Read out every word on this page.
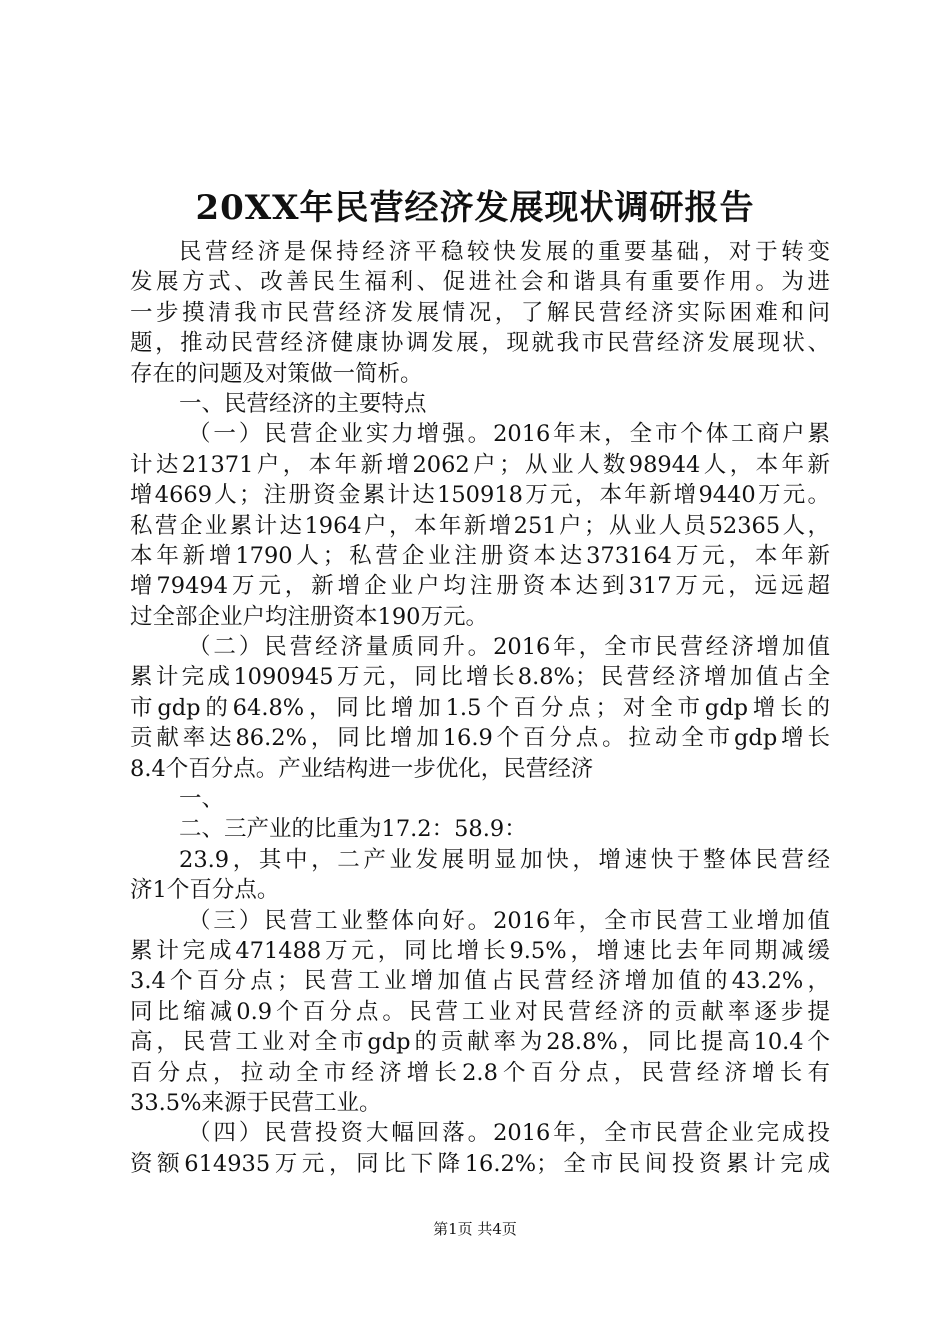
20XX年民营经济发展现状调研报告
民营经济是保持经济平稳较快发展的重要基础，对于转变
发展方式、改善民生福利、促进社会和谐具有重要作用。为进
一步摸清我市民营经济发展情况，了解民营经济实际困难和问
题，推动民营经济健康协调发展，现就我市民营经济发展现状、
存在的问题及对策做一简析。
一、民营经济的主要特点
（一）民营企业实力增强。2016年末，全市个体工商户累
计达21371户，本年新增2062户；从业人数98944人，本年新
增4669人；注册资金累计达150918万元，本年新增9440万元。
私营企业累计达1964户，本年新增251户；从业人员52365人，
本年新增1790人；私营企业注册资本达373164万元，本年新
增79494万元，新增企业户均注册资本达到317万元，远远超
过全部企业户均注册资本190万元。
（二）民营经济量质同升。2016年，全市民营经济增加值
累计完成1090945万元，同比增长8.8%；民营经济增加值占全
市gdp的64.8%，同比增加1.5个百分点；对全市gdp增长的
贡献率达86.2%，同比增加16.9个百分点。拉动全市gdp增长
8.4个百分点。产业结构进一步优化，民营经济
一、
二、三产业的比重为17.2：58.9：
23.9，其中，二产业发展明显加快，增速快于整体民营经
济1个百分点。
（三）民营工业整体向好。2016年，全市民营工业增加值
累计完成471488万元，同比增长9.5%，增速比去年同期减缓
3.4个百分点；民营工业增加值占民营经济增加值的43.2%，
同比缩减0.9个百分点。民营工业对民营经济的贡献率逐步提
高，民营工业对全市gdp的贡献率为28.8%，同比提高10.4个
百分点，拉动全市经济增长2.8个百分点，民营经济增长有
33.5%来源于民营工业。
（四）民营投资大幅回落。2016年，全市民营企业完成投
资额614935万元，同比下降16.2%；全市民间投资累计完成
第1页 共4页
